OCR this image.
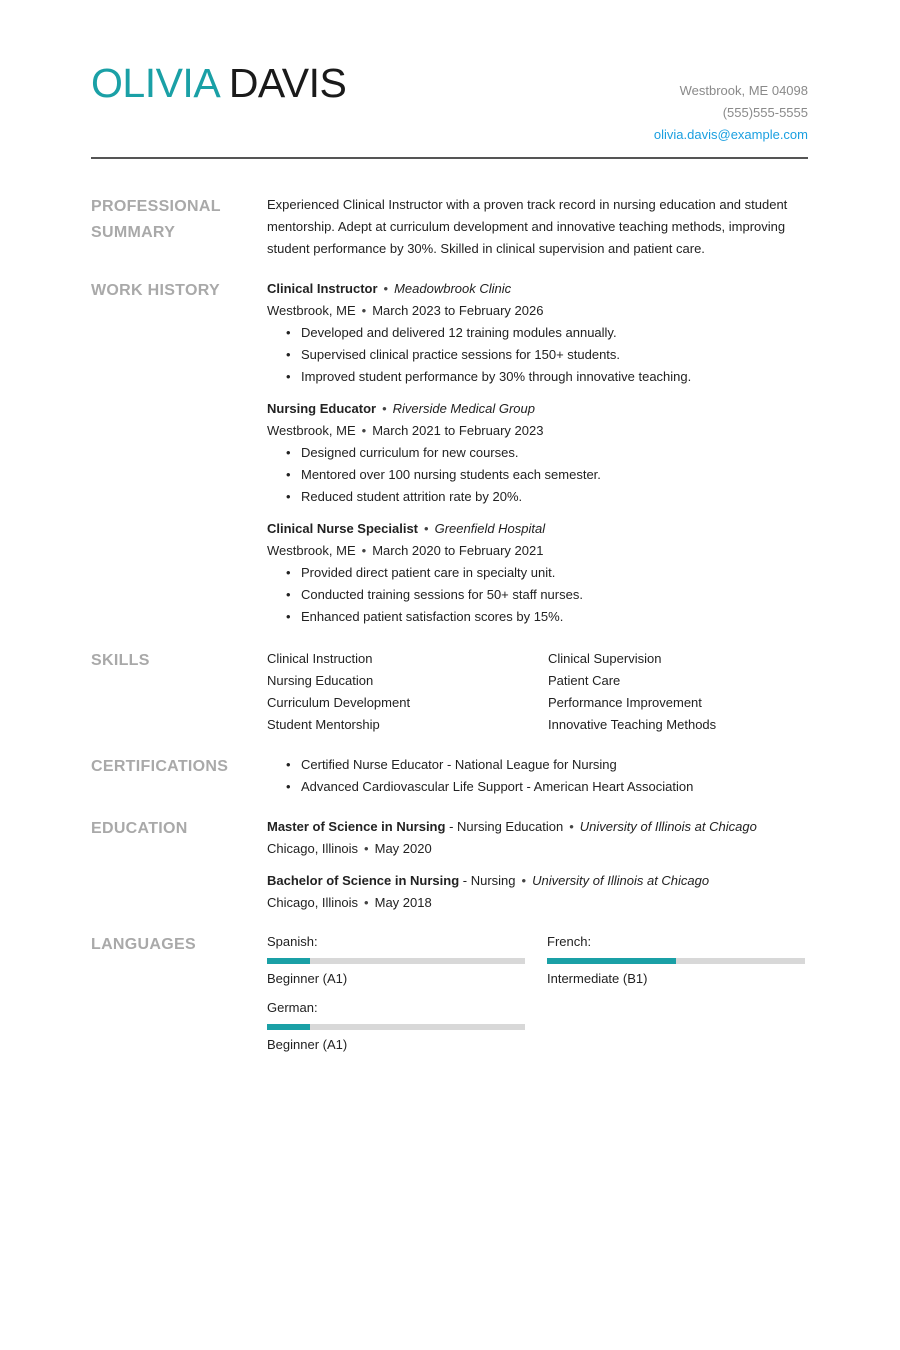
OLIVIA DAVIS	Westbrook, ME 04098
(555)555-5555
olivia.davis@example.com
PROFESSIONAL
SUMMARY
Experienced Clinical Instructor with a proven track record in nursing education and student mentorship. Adept at curriculum development and innovative teaching methods, improving student performance by 30%. Skilled in clinical supervision and patient care.
WORK HISTORY	Clinical Instructor • Meadowbrook Clinic
Westbrook, ME • March 2023 to February 2026
• Developed and delivered 12 training modules annually.
• Supervised clinical practice sessions for 150+ students.
• Improved student performance by 30% through innovative teaching.
Nursing Educator • Riverside Medical Group
Westbrook, ME • March 2021 to February 2023
• Designed curriculum for new courses.
• Mentored over 100 nursing students each semester.
• Reduced student attrition rate by 20%.
Clinical Nurse Specialist • Greenfield Hospital
Westbrook, ME • March 2020 to February 2021
• Provided direct patient care in specialty unit.
• Conducted training sessions for 50+ staff nurses.
• Enhanced patient satisfaction scores by 15%.
SKILLS	Clinical Instruction	Clinical Supervision
Nursing Education	Patient Care
Curriculum Development	Performance Improvement
Student Mentorship	Innovative Teaching Methods
CERTIFICATIONS
•	Certified Nurse Educator - National League for Nursing
• Advanced Cardiovascular Life Support - American Heart Association
EDUCATION	Master of Science in Nursing - Nursing Education • University of Illinois at Chicago
Chicago, Illinois • May 2020
Bachelor of Science in Nursing - Nursing • University of Illinois at Chicago
Chicago, Illinois • May 2018
LANGUAGES	Spanish:
Beginner (A1)
French:
Intermediate (B1)
German:
Beginner (A1)
